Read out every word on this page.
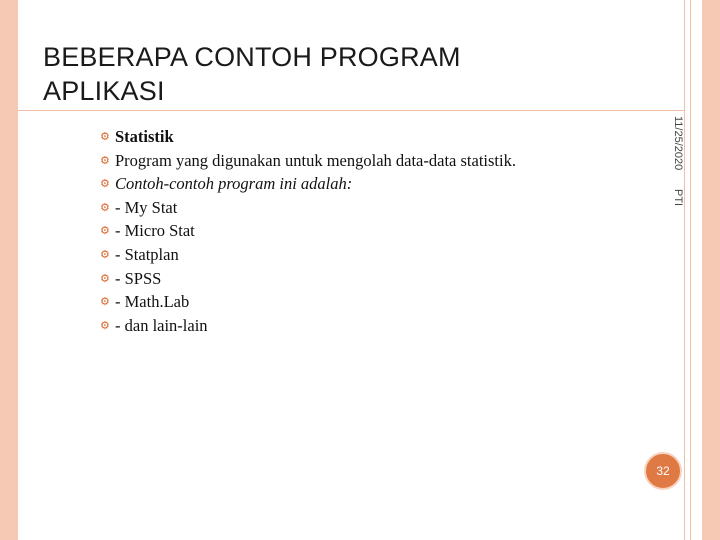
BEBERAPA CONTOH PROGRAM
APLIKASI
⚙ Statistik
⚙ Program yang digunakan untuk mengolah data-data statistik.
⚙ Contoh-contoh program ini adalah:
⚙ - My Stat
⚙ - Micro Stat
⚙ - Statplan
⚙ - SPSS
⚙ - Math.Lab
⚙ - dan lain-lain
11/25/2020
PTI
32
